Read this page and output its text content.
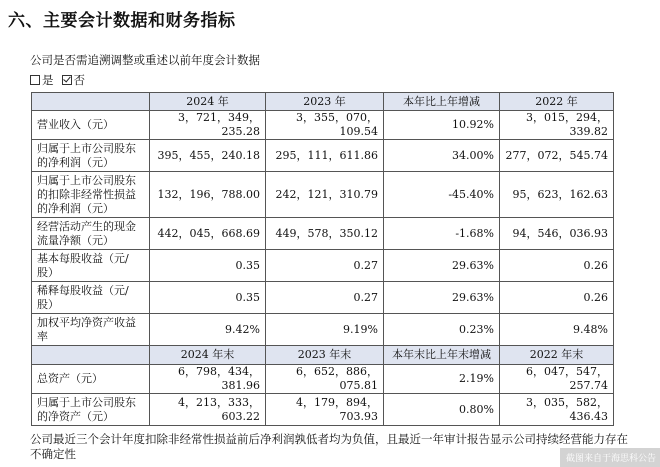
六、主要会计数据和财务指标
公司是否需追溯调整或重述以前年度会计数据
是 否
	2024 年	2023 年	本年比上年增减	2022 年
营业收入（元）	3，721，349，235.28	3，355，070，109.54	10.92%	3，015，294，339.82
归属于上市公司股东的净利润（元）	395，455，240.18	295，111，611.86	34.00%	277，072，545.74
归属于上市公司股东的扣除非经常性损益的净利润（元）	132，196，788.00	242，121，310.79	-45.40%	95，623，162.63
经营活动产生的现金流量净额（元）	442，045，668.69	449，578，350.12	-1.68%	94，546，036.93
基本每股收益（元/股）	0.35	0.27	29.63%	0.26
稀释每股收益（元/股）	0.35	0.27	29.63%	0.26
加权平均净资产收益率	9.42%	9.19%	0.23%	9.48%
	2024 年末	2023 年末	本年末比上年末增减	2022 年末
总资产（元）	6，798，434，381.96	6，652，886，075.81	2.19%	6，047，547，257.74
归属于上市公司股东的净资产（元）	4，213，333，603.22	4，179，894，703.93	0.80%	3，035，582，436.43
公司最近三个会计年度扣除非经常性损益前后净利润孰低者均为负值，且最近一年审计报告显示公司持续经营能力存在不确定性	截图来自于海思科公告
